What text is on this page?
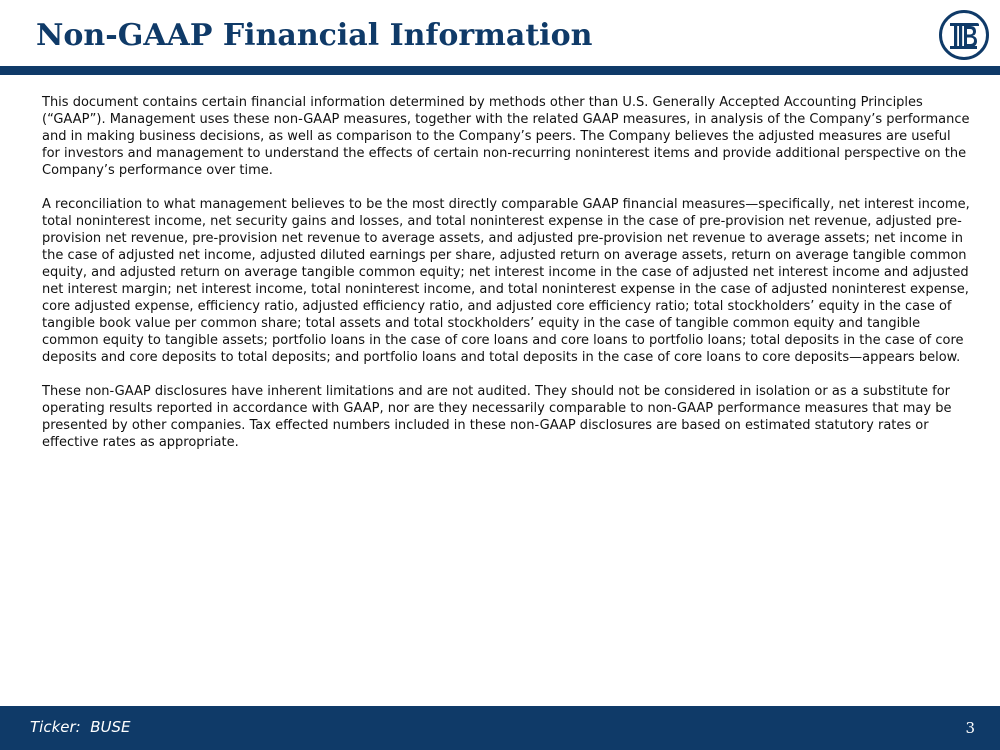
Non-GAAP Financial Information

This document contains certain financial information determined by methods other than U.S. Generally Accepted Accounting Principles (“GAAP”). Management uses these non-GAAP measures, together with the related GAAP measures, in analysis of the Company’s performance and in making business decisions, as well as comparison to the Company’s peers. The Company believes the adjusted measures are useful for investors and management to understand the effects of certain non-recurring noninterest items and provide additional perspective on the Company’s performance over time.

A reconciliation to what management believes to be the most directly comparable GAAP financial measures—specifically, net interest income, total noninterest income, net security gains and losses, and total noninterest expense in the case of pre-provision net revenue, adjusted pre-provision net revenue, pre-provision net revenue to average assets, and adjusted pre-provision net revenue to average assets; net income in the case of adjusted net income, adjusted diluted earnings per share, adjusted return on average assets, return on average tangible common equity, and adjusted return on average tangible common equity; net interest income in the case of adjusted net interest income and adjusted net interest margin; net interest income, total noninterest income, and total noninterest expense in the case of adjusted noninterest expense, core adjusted expense, efficiency ratio, adjusted efficiency ratio, and adjusted core efficiency ratio; total stockholders’ equity in the case of tangible book value per common share; total assets and total stockholders’ equity in the case of tangible common equity and tangible common equity to tangible assets; portfolio loans in the case of core loans and core loans to portfolio loans; total deposits in the case of core deposits and core deposits to total deposits; and portfolio loans and total deposits in the case of core loans to core deposits—appears below.

These non-GAAP disclosures have inherent limitations and are not audited. They should not be considered in isolation or as a substitute for operating results reported in accordance with GAAP, nor are they necessarily comparable to non-GAAP performance measures that may be presented by other companies. Tax effected numbers included in these non-GAAP disclosures are based on estimated statutory rates or effective rates as appropriate.

Ticker:  BUSE	3
